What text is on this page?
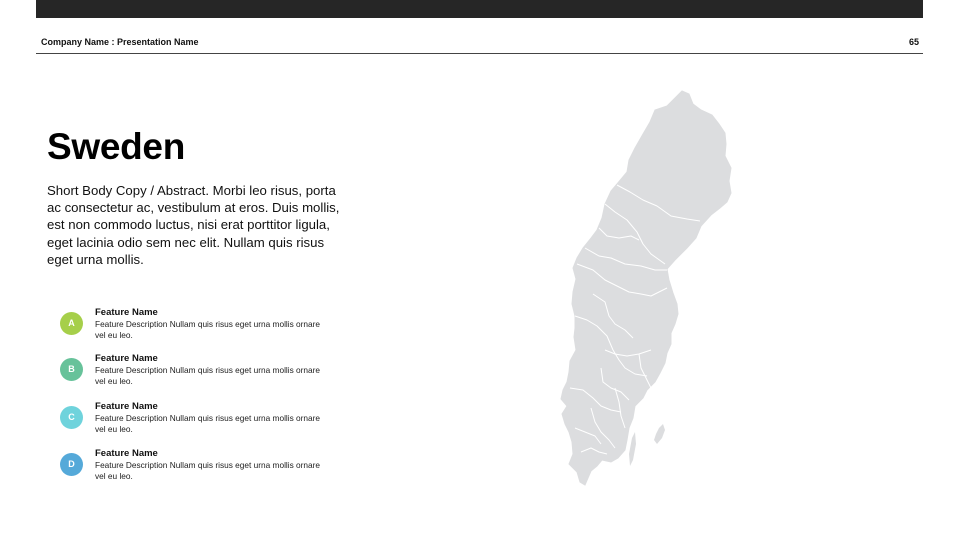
Company Name : Presentation Name	65
Sweden
Short Body Copy / Abstract. Morbi leo risus, porta ac consectetur ac, vestibulum at eros. Duis mollis, est non commodo luctus, nisi erat porttitor ligula, eget lacinia odio sem nec elit. Nullam quis risus eget urna mollis.
A
Feature Name
Feature Description Nullam quis risus eget urna mollis ornare vel eu leo.
B
Feature Name
Feature Description Nullam quis risus eget urna mollis ornare vel eu leo.
C
Feature Name
Feature Description Nullam quis risus eget urna mollis ornare vel eu leo.
D
Feature Name
Feature Description Nullam quis risus eget urna mollis ornare vel eu leo.
